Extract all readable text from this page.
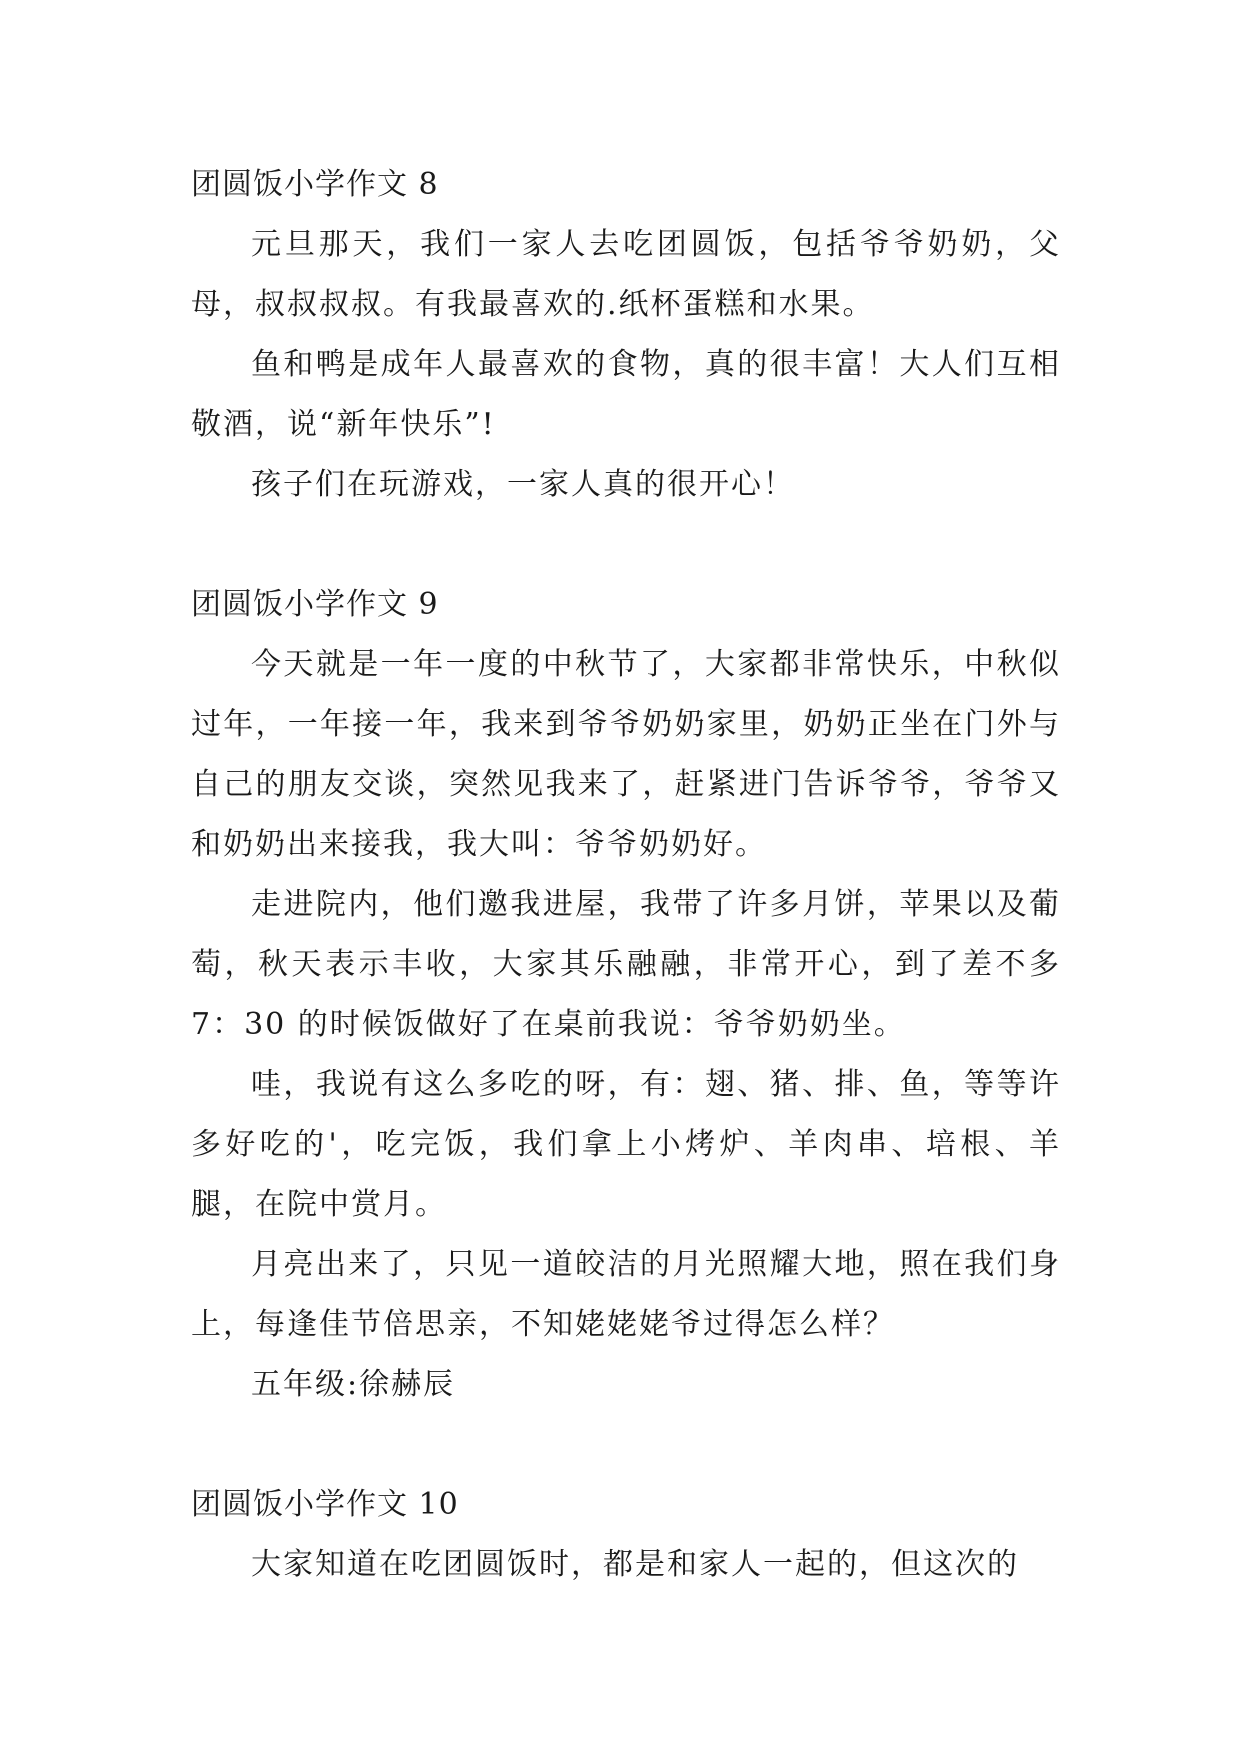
团圆饭小学作文 8

元旦那天，我们一家人去吃团圆饭，包括爷爷奶奶，父母，叔叔叔叔。有我最喜欢的.纸杯蛋糕和水果。

鱼和鸭是成年人最喜欢的食物，真的很丰富！大人们互相敬酒，说“新年快乐”!

孩子们在玩游戏，一家人真的很开心！

团圆饭小学作文 9

今天就是一年一度的中秋节了，大家都非常快乐，中秋似过年，一年接一年，我来到爷爷奶奶家里，奶奶正坐在门外与自己的朋友交谈，突然见我来了，赶紧进门告诉爷爷，爷爷又和奶奶出来接我，我大叫：爷爷奶奶好。

走进院内，他们邀我进屋，我带了许多月饼，苹果以及葡萄，秋天表示丰收，大家其乐融融，非常开心，到了差不多 7：30 的时候饭做好了在桌前我说：爷爷奶奶坐。

哇，我说有这么多吃的呀，有：翅、猪、排、鱼，等等许多好吃的'，吃完饭，我们拿上小烤炉、羊肉串、培根、羊腿，在院中赏月。

月亮出来了，只见一道皎洁的月光照耀大地，照在我们身上，每逢佳节倍思亲，不知姥姥姥爷过得怎么样？

五年级:徐赫辰

团圆饭小学作文 10

大家知道在吃团圆饭时，都是和家人一起的，但这次的
